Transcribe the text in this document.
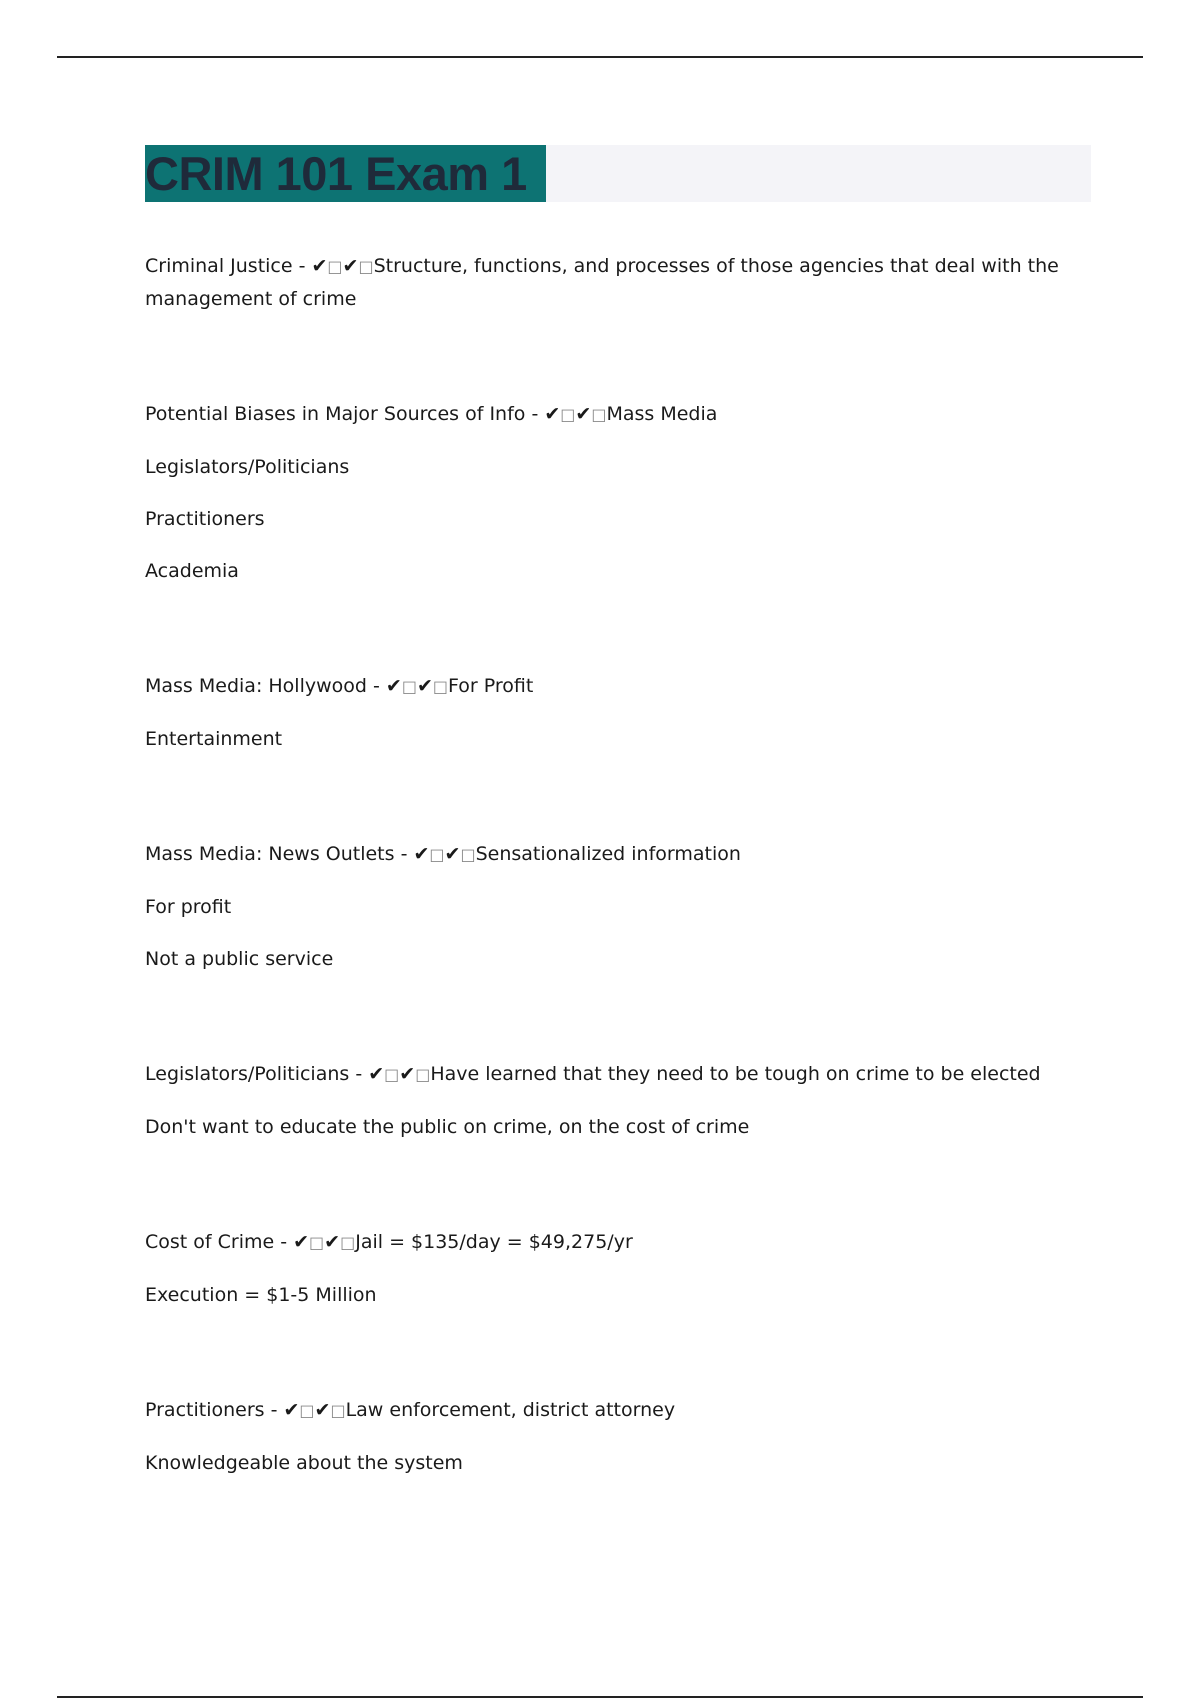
CRIM 101 Exam 1

Criminal Justice - ✔□✔□Structure, functions, and processes of those agencies that deal with the management of crime

Potential Biases in Major Sources of Info - ✔□✔□Mass Media

Legislators/Politicians

Practitioners

Academia

Mass Media: Hollywood - ✔□✔□For Profit

Entertainment

Mass Media: News Outlets - ✔□✔□Sensationalized information

For profit

Not a public service

Legislators/Politicians - ✔□✔□Have learned that they need to be tough on crime to be elected

Don't want to educate the public on crime, on the cost of crime

Cost of Crime - ✔□✔□Jail = $135/day = $49,275/yr

Execution = $1-5 Million

Practitioners - ✔□✔□Law enforcement, district attorney

Knowledgeable about the system
